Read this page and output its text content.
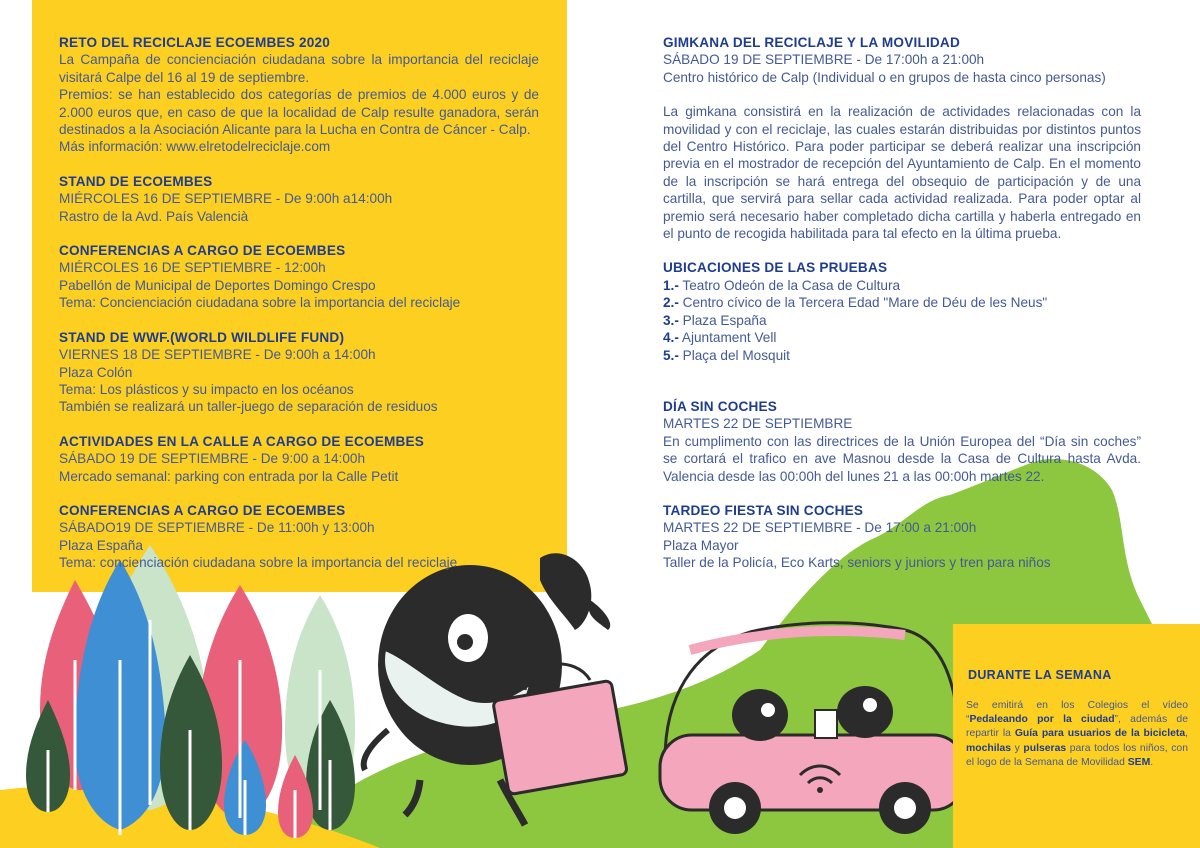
RETO DEL RECICLAJE ECOEMBES 2020

La Campaña de concienciación ciudadana sobre la importancia del reciclaje visitará Calpe del 16 al 19 de septiembre.

Premios: se han establecido dos categorías de premios de 4.000 euros y de 2.000 euros que, en caso de que la localidad de Calp resulte ganadora, serán destinados a la Asociación Alicante para la Lucha en Contra de Cáncer - Calp.

Más información: www.elretodelreciclaje.com

STAND DE ECOEMBES

MIÉRCOLES 16 DE SEPTIEMBRE - De 9:00h a14:00h

Rastro de la Avd. País Valencià

CONFERENCIAS A CARGO DE ECOEMBES

MIÉRCOLES 16 DE SEPTIEMBRE - 12:00h

Pabellón de Municipal de Deportes Domingo Crespo

Tema: Concienciación ciudadana sobre la importancia del reciclaje

STAND DE WWF.(WORLD WILDLIFE FUND)

VIERNES 18 DE SEPTIEMBRE - De 9:00h a 14:00h

Plaza Colón

Tema: Los plásticos y su impacto en los océanos

También se realizará un taller-juego de separación de residuos

ACTIVIDADES EN LA CALLE A CARGO DE ECOEMBES

SÁBADO 19 DE SEPTIEMBRE - De 9:00 a 14:00h

Mercado semanal: parking con entrada por la Calle Petit

CONFERENCIAS A CARGO DE ECOEMBES

SÁBADO19 DE SEPTIEMBRE - De 11:00h y 13:00h

Plaza España

Tema: concienciación ciudadana sobre la importancia del reciclaje

GIMKANA DEL RECICLAJE Y LA MOVILIDAD

SÁBADO 19 DE SEPTIEMBRE - De 17:00h a 21:00h

Centro histórico de Calp (Individual o en grupos de hasta cinco personas)

La gimkana consistirá en la realización de actividades relacionadas con la movilidad y con el reciclaje, las cuales estarán distribuidas por distintos puntos del Centro Histórico. Para poder participar se deberá realizar una inscripción previa en el mostrador de recepción del Ayuntamiento de Calp. En el momento de la inscripción se hará entrega del obsequio de participación y de una cartilla, que servirá para sellar cada actividad realizada. Para poder optar al premio será necesario haber completado dicha cartilla y haberla entregado en el punto de recogida habilitada para tal efecto en la última prueba.

UBICACIONES DE LAS PRUEBAS

1.- Teatro Odeón de la Casa de Cultura
2.- Centro cívico de la Tercera Edad "Mare de Déu de les Neus"
3.- Plaza España
4.- Ajuntament Vell
5.- Plaça del Mosquit

DÍA SIN COCHES

MARTES 22 DE SEPTIEMBRE

En cumplimento con las directrices de la Unión Europea del “Día sin coches” se cortará el trafico en ave Masnou desde la Casa de Cultura hasta Avda. Valencia desde las 00:00h del lunes 21 a las 00:00h martes 22.

TARDEO FIESTA SIN COCHES

MARTES 22 DE SEPTIEMBRE - De 17:00 a 21:00h

Plaza Mayor

Taller de la Policía, Eco Karts, seniors y juniors y tren para niños

DURANTE LA SEMANA
Se emitirá en los Colegios el vídeo “Pedaleando por la ciudad”, además de repartir la Guía para usuarios de la bicicleta, mochilas y pulseras para todos los niños, con el logo de la Semana de Movilidad SEM.
